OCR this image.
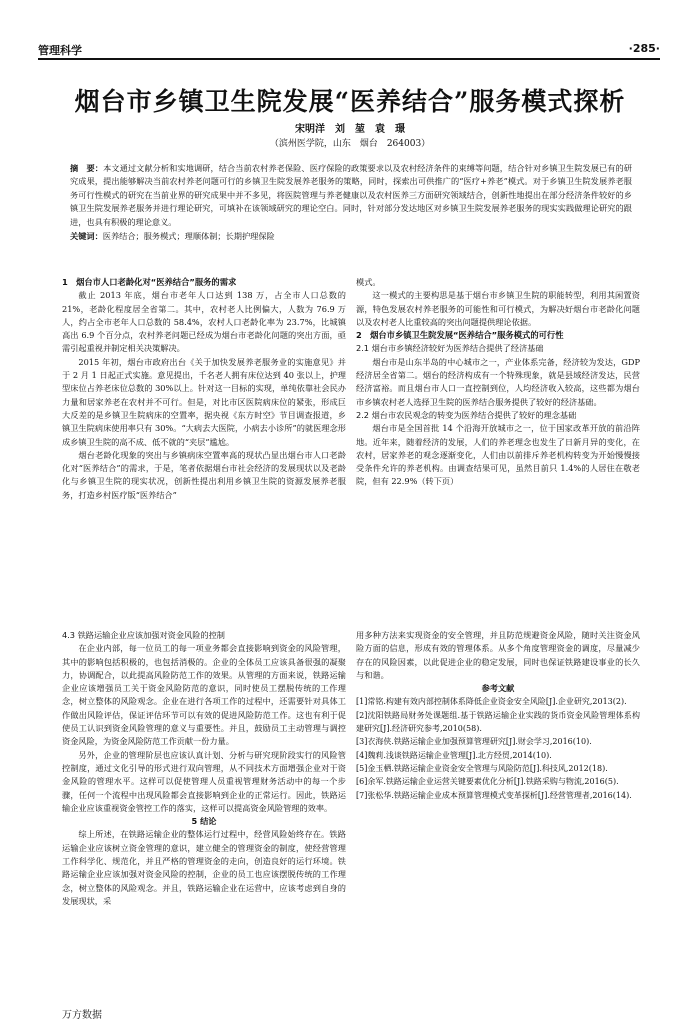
管理科学	·285·
烟台市乡镇卫生院发展“医养结合”服务模式探析
宋明洋　刘　堃　袁　璟
（滨州医学院，山东　烟台　264003）
摘　要：本文通过文献分析和实地调研，结合当前农村养老保险、医疗保险的政策要求以及农村经济条件的束缚等问题，结合针对乡镇卫生院发展已有的研究成果，提出能够解决当前农村养老问题可行的乡镇卫生院发展养老服务的策略，同时，探索出可供推广的“医疗+养老”模式。对于乡镇卫生院发展养老服务可行性模式的研究在当前业界的研究成果中并不多见，将医院管理与养老健康以及农村医养三方面研究领域结合，创新性地提出在部分经济条件较好的乡镇卫生院发展养老服务并进行理论研究，可填补在该领域研究的理论空白。同时，针对部分发达地区对乡镇卫生院发展养老服务的现实实践做理论研究的跟进，也具有积极的理论意义。
关键词：医养结合；服务模式；理顺体制；长期护理保险

1　烟台市人口老龄化对“医养结合”服务的需求

截止 2013 年底，烟台市老年人口达到 138 万，占全市人口总数的 21%，老龄化程度居全省第二。其中，农村老人比例偏大，人数为 76.9 万人，约占全市老年人口总数的 58.4%，农村人口老龄化率为 23.7%，比城镇高出 6.9 个百分点，农村养老问题已经成为烟台市老龄化问题的突出方面，亟需引起重视并制定相关决策解决。

2015 年初，烟台市政府出台《关于加快发展养老服务业的实施意见》并于 2 月 1 日起正式实施。意见提出，千名老人拥有床位达到 40 张以上，护理型床位占养老床位总数的 30%以上。针对这一目标的实现，单纯依靠社会民办力量和居家养老在农村并不可行。但是，对比市区医院病床位的紧张，形成巨大反差的是乡镇卫生院病床的空置率，据央视《东方时空》节目调查报道，乡镇卫生院病床使用率只有 30%。“大病去大医院，小病去小诊所”的就医理念形成乡镇卫生院的高不成、低不就的“夹层”尴尬。

烟台老龄化现象的突出与乡镇病床空置率高的现状凸显出烟台市人口老龄化对“医养结合”的需求，于是，笔者依据烟台市社会经济的发展现状以及老龄化与乡镇卫生院的现实状况，创新性提出利用乡镇卫生院的资源发展养老服务，打造乡村医疗版“医养结合”

模式。

这一模式的主要构思是基于烟台市乡镇卫生院的职能转型，利用其闲置资源，特色发展农村养老服务的可能性和可行模式，为解决好烟台市老龄化问题以及农村老人比重较高的突出问题提供理论依据。

2　烟台市乡镇卫生院发展“医养结合”服务模式的可行性

2.1 烟台市乡镇经济较好为医养结合提供了经济基础

烟台市是山东半岛的中心城市之一，产业体系完备，经济较为发达，GDP 经济居全省第二。烟台的经济构成有一个特殊现象，就是县域经济发达，民营经济富裕。而且烟台市人口一直控制到位，人均经济收入较高，这些都为烟台市乡镇农村老人选择卫生院的医养结合服务提供了较好的经济基础。

2.2 烟台市农民观念的转变为医养结合提供了较好的理念基础

烟台市是全国首批 14 个沿海开放城市之一，位于国家改革开放的前沿阵地。近年来，随着经济的发展，人们的养老理念也发生了日新月异的变化，在农村，居家养老的观念逐渐变化，人们由以前排斥养老机构转变为开始慢慢接受条件允许的养老机构。由调查结果可见，虽然目前只 1.4%的人居住在敬老院，但有 22.9%（转下页）

4.3 铁路运输企业应该加强对资金风险的控制

在企业内部，每一位员工的每一项业务都会直接影响到资金的风险管理，其中的影响包括积极的，也包括消极的。企业的全体员工应该具备很强的凝聚力，协调配合，以此提高风险防范工作的效果。从管理的方面来说，铁路运输企业应该增强员工关于资金风险防范的意识，同时使员工摆脱传统的工作理念，树立整体的风险观念。企业在进行各项工作的过程中，还需要针对具体工作做出风险评估，保证评估环节可以有效的促进风险防范工作。这也有利于促使员工认识到资金风险管理的意义与重要性。并且，鼓励员工主动管理与调控资金风险，为资金风险防范工作贡献一份力量。

另外，企业的管理阶层也应该认真计划、分析与研究现阶段实行的风险管控制度，通过文化引导的形式进行双向管理，从不同技术方面增强企业对于资金风险的管理水平。这样可以促使管理人员重视管理财务活动中的每一个步骤，任何一个流程中出现风险都会直接影响到企业的正常运行。因此，铁路运输企业应该重视资金管控工作的落实，这样可以提高资金风险管理的效率。

5 结论

综上所述，在铁路运输企业的整体运行过程中，经营风险始终存在。铁路运输企业应该树立资金管理的意识，建立健全的管理资金的制度，使经营管理工作科学化、规范化，并且严格的管理资金的走向，创造良好的运行环境。铁路运输企业应该加强对资金风险的控制，企业的员工也应该摆脱传统的工作理念，树立整体的风险观念。并且，铁路运输企业在运营中，应该考虑到自身的发展现状，采

用多种方法来实现资金的安全管理，并且防范规避资金风险，随时关注资金风险方面的信息，形成有效的管理体系。从多个角度管理资金的调度，尽量减少存在的风险因素，以此促进企业的稳定发展，同时也保证铁路建设事业的长久与和谐。

参考文献

[1]常铭.构建有效内部控制体系降低企业资金安全风险[J].企业研究,2013(2).

[2]沈阳铁路局财务处课题组.基于铁路运输企业实践的货币资金风险管理体系构建研究[J].经济研究参考,2010(58).

[3]衣海侠.铁路运输企业加强预算管理研究[J].财会学习,2016(10).

[4]魏莉.浅谈铁路运输企业管理[J].北方经贸,2014(10).

[5]金玉栖.铁路运输企业资金安全管理与风险防范[J].科技风,2012(18).

[6]余军.铁路运输企业运营关键要素优化分析[J].铁路采购与物流,2016(5).

[7]张松华.铁路运输企业成本预算管理模式变革探析[J].经营管理者,2016(14).

万方数据
